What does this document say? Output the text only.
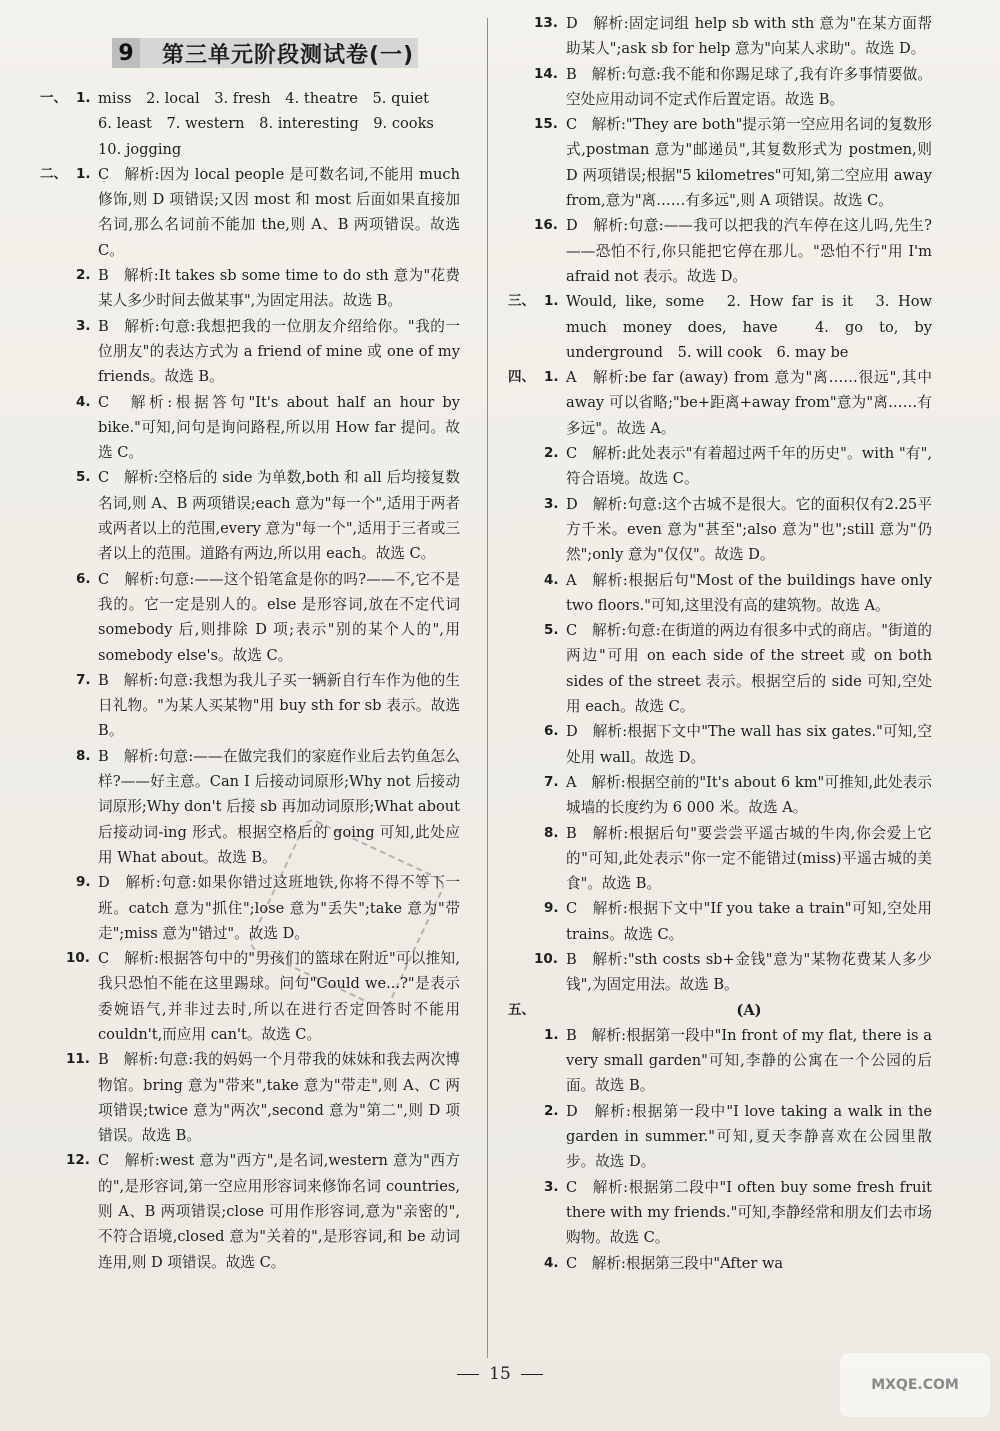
9	第三单元阶段测试卷(一)
一、 1. miss　2. local　3. fresh　4. theatre　5. quiet
6. least　7. western　8. interesting　9. cooks
10. jogging
二、 1. C　解析:因为 local people 是可数名词,不能用 much 修饰,则 D 项错误;又因 most 和 most 后面如果直接加名词,那么名词前不能加 the,则 A、B 两项错误。故选 C。
2. B　解析:It takes sb some time to do sth 意为"花费某人多少时间去做某事",为固定用法。故选 B。
3. B　解析:句意:我想把我的一位朋友介绍给你。"我的一位朋友"的表达方式为 a friend of mine 或 one of my friends。故选 B。
4. C　解析:根据答句"It's about half an hour by bike."可知,问句是询问路程,所以用 How far 提问。故选 C。
5. C　解析:空格后的 side 为单数,both 和 all 后均接复数名词,则 A、B 两项错误;each 意为"每一个",适用于两者或两者以上的范围,every 意为"每一个",适用于三者或三者以上的范围。道路有两边,所以用 each。故选 C。
6. C　解析:句意:——这个铅笔盒是你的吗?——不,它不是我的。它一定是别人的。else 是形容词,放在不定代词 somebody 后,则排除 D 项;表示"别的某个人的",用 somebody else's。故选 C。
7. B　解析:句意:我想为我儿子买一辆新自行车作为他的生日礼物。"为某人买某物"用 buy sth for sb 表示。故选 B。
8. B　解析:句意:——在做完我们的家庭作业后去钓鱼怎么样?——好主意。Can I 后接动词原形;Why not 后接动词原形;Why don't 后接 sb 再加动词原形;What about 后接动词-ing 形式。根据空格后的 going 可知,此处应用 What about。故选 B。
9. D　解析:句意:如果你错过这班地铁,你将不得不等下一班。catch 意为"抓住";lose 意为"丢失";take 意为"带走";miss 意为"错过"。故选 D。
10. C　解析:根据答句中的"男孩们的篮球在附近"可以推知,我只恐怕不能在这里踢球。问句"Could we...?"是表示委婉语气,并非过去时,所以在进行否定回答时不能用 couldn't,而应用 can't。故选 C。
11. B　解析:句意:我的妈妈一个月带我的妹妹和我去两次博物馆。bring 意为"带来",take 意为"带走",则 A、C 两项错误;twice 意为"两次",second 意为"第二",则 D 项错误。故选 B。
12. C　解析:west 意为"西方",是名词,western 意为"西方的",是形容词,第一空应用形容词来修饰名词 countries,则 A、B 两项错误;close 可用作形容词,意为"亲密的",不符合语境,closed 意为"关着的",是形容词,和 be 动词连用,则 D 项错误。故选 C。
13. D　解析:固定词组 help sb with sth 意为"在某方面帮助某人";ask sb for help 意为"向某人求助"。故选 D。
14. B　解析:句意:我不能和你踢足球了,我有许多事情要做。空处应用动词不定式作后置定语。故选 B。
15. C　解析:"They are both"提示第一空应用名词的复数形式,postman 意为"邮递员",其复数形式为 postmen,则 D 两项错误;根据"5 kilometres"可知,第二空应用 away from,意为"离……有多远",则 A 项错误。故选 C。
16. D　解析:句意:——我可以把我的汽车停在这儿吗,先生?——恐怕不行,你只能把它停在那儿。"恐怕不行"用 I'm afraid not 表示。故选 D。
三、 1. Would, like, some　2. How far is it　3. How much money does, have　4. go to, by underground　5. will cook　6. may be
四、 1. A　解析:be far (away) from 意为"离……很远",其中 away 可以省略;"be+距离+away from"意为"离……有多远"。故选 A。
2. C　解析:此处表示"有着超过两千年的历史"。with "有",符合语境。故选 C。
3. D　解析:句意:这个古城不是很大。它的面积仅有2.25平方千米。even 意为"甚至";also 意为"也";still 意为"仍然";only 意为"仅仅"。故选 D。
4. A　解析:根据后句"Most of the buildings have only two floors."可知,这里没有高的建筑物。故选 A。
5. C　解析:句意:在街道的两边有很多中式的商店。"街道的两边"可用 on each side of the street 或 on both sides of the street 表示。根据空后的 side 可知,空处用 each。故选 C。
6. D　解析:根据下文中"The wall has six gates."可知,空处用 wall。故选 D。
7. A　解析:根据空前的"It's about 6 km"可推知,此处表示城墙的长度约为 6 000 米。故选 A。
8. B　解析:根据后句"要尝尝平遥古城的牛肉,你会爱上它的"可知,此处表示"你一定不能错过(miss)平遥古城的美食"。故选 B。
9. C　解析:根据下文中"If you take a train"可知,空处用 trains。故选 C。
10. B　解析:"sth costs sb+金钱"意为"某物花费某人多少钱",为固定用法。故选 B。
五、	(A)
1. B　解析:根据第一段中"In front of my flat, there is a very small garden"可知,李静的公寓在一个公园的后面。故选 B。
2. D　解析:根据第一段中"I love taking a walk in the garden in summer."可知,夏天李静喜欢在公园里散步。故选 D。
3. C　解析:根据第二段中"I often buy some fresh fruit there with my friends."可知,李静经常和朋友们去市场购物。故选 C。
4. C　解析:根据第三段中"After wa
15
MXQE.COM
